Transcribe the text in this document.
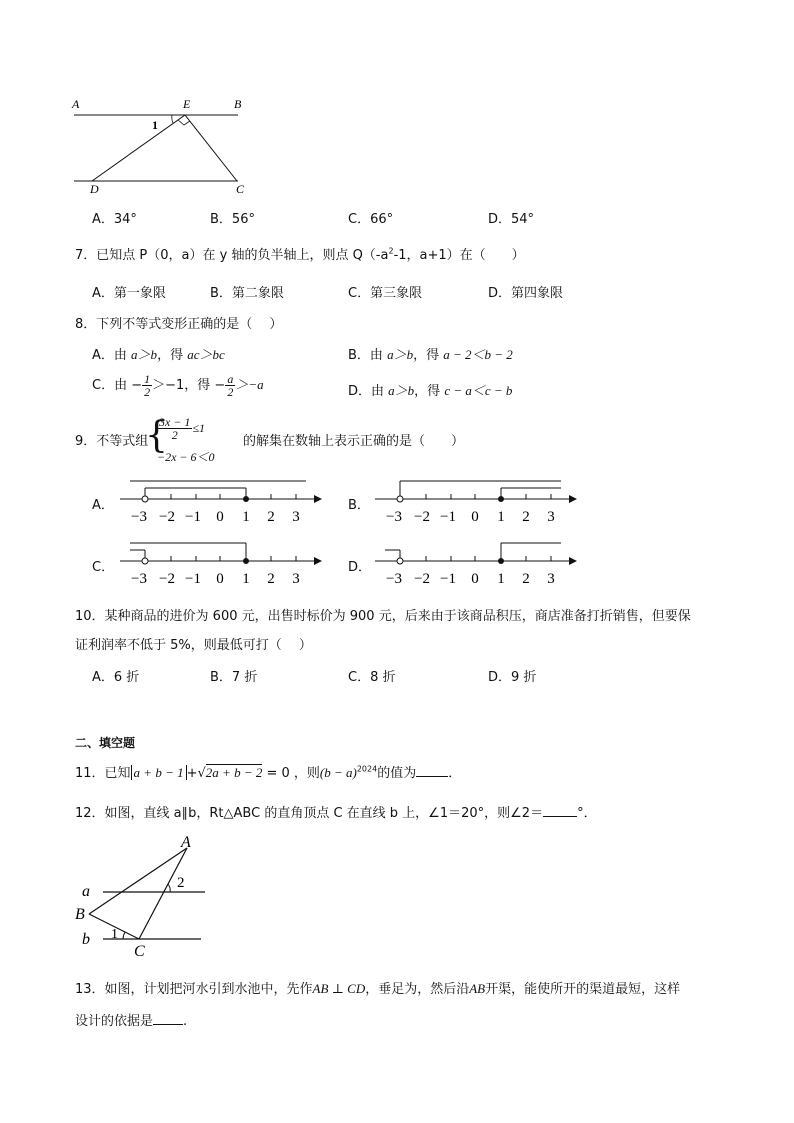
A	E	B
1
D	C
A．34°	B．56°	C．66°	D．54°
7．已知点 P（0，a）在 y 轴的负半轴上，则点 $Q(-a^2-1$，a+1）在（　　）
A．第一象限	B．第二象限	C．第三象限	D．第四象限
8．下列不等式变形正确的是（　 ）
A．由 a＞b，得 ac＞bc	B．由 a＞b，得 a − 2＜b − 2
C．由 − $\frac{1}{2} >-1$，得 − $\frac{a}{2} >-a$	D．由 a＞b，得 c − a＜c − b
9．不等式组
{
$\frac{3x - 1}{2} \le 1$
−2x − 6＜0
的解集在数轴上表示正确的是（　　）
A．	B．
C．	D．
−3 −2 −1 0 1 2 3	−3 −2 −1 0 1 2 3
−3 −2 −1 0 1 2 3	−3 −2 −1 0 1 2 3
10．某种商品的进价为 600 元，出售时标价为 900 元，后来由于该商品积压，商店准备打折销售，但要保
证利润率不低于 5%，则最低可打（　 ）
A．6 折	B．7 折	C．8 折	D．9 折
二、填空题
11．已知 a + b − 1 +√2a + b − 2 = 0 ，则$(b - a)^{2024}$的值为 ．
12．如图，直线 a∥b，Rt△ABC 的直角顶点 C 在直线 b 上，∠1＝20°，则∠2＝	°．
A
2
a
B
b 1
C
13．如图，计划把河水引到水池中，先作AB ⊥ CD，垂足为，然后沿AB开渠，能使所开的渠道最短，这样
设计的依据是 .
